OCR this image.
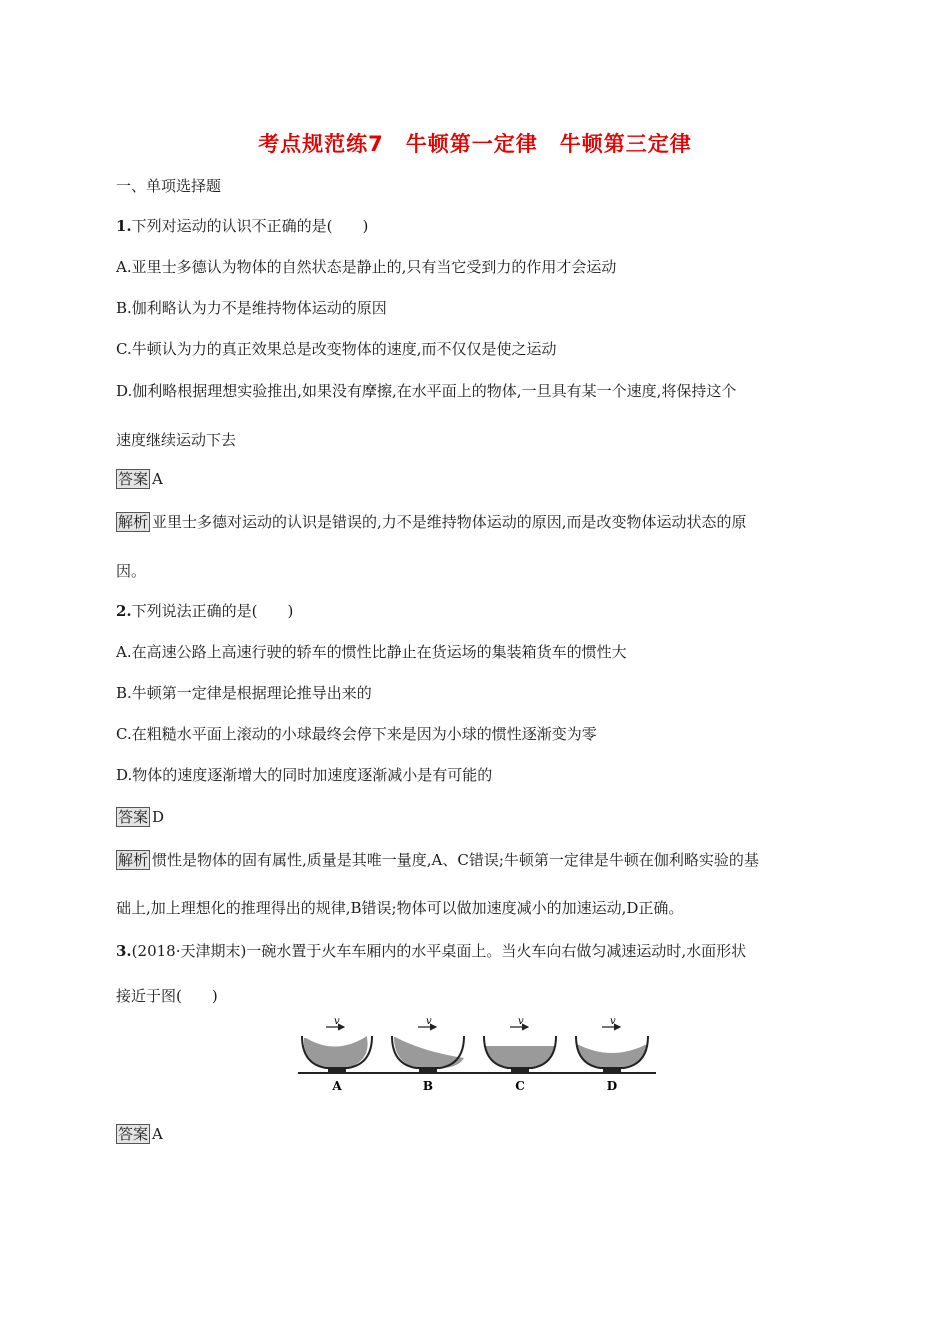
考点规范练7　牛顿第一定律　牛顿第三定律
一、单项选择题
1.下列对运动的认识不正确的是(　　)
A.亚里士多德认为物体的自然状态是静止的,只有当它受到力的作用才会运动
B.伽利略认为力不是维持物体运动的原因
C.牛顿认为力的真正效果总是改变物体的速度,而不仅仅是使之运动
D.伽利略根据理想实验推出,如果没有摩擦,在水平面上的物体,一旦具有某一个速度,将保持这个
速度继续运动下去
答案 A
解析 亚里士多德对运动的认识是错误的,力不是维持物体运动的原因,而是改变物体运动状态的原
因。
2.下列说法正确的是(　　)
A.在高速公路上高速行驶的轿车的惯性比静止在货运场的集装箱货车的惯性大
B.牛顿第一定律是根据理论推导出来的
C.在粗糙水平面上滚动的小球最终会停下来是因为小球的惯性逐渐变为零
D.物体的速度逐渐增大的同时加速度逐渐减小是有可能的
答案 D
解析 惯性是物体的固有属性,质量是其唯一量度,A、C错误;牛顿第一定律是牛顿在伽利略实验的基
础上,加上理想化的推理得出的规律,B错误;物体可以做加速度减小的加速运动,D正确。
3.(2018·天津期末)一碗水置于火车车厢内的水平桌面上。当火车向右做匀减速运动时,水面形状
接近于图(　　)
v	v	v	v
A	B	C	D
答案 A
